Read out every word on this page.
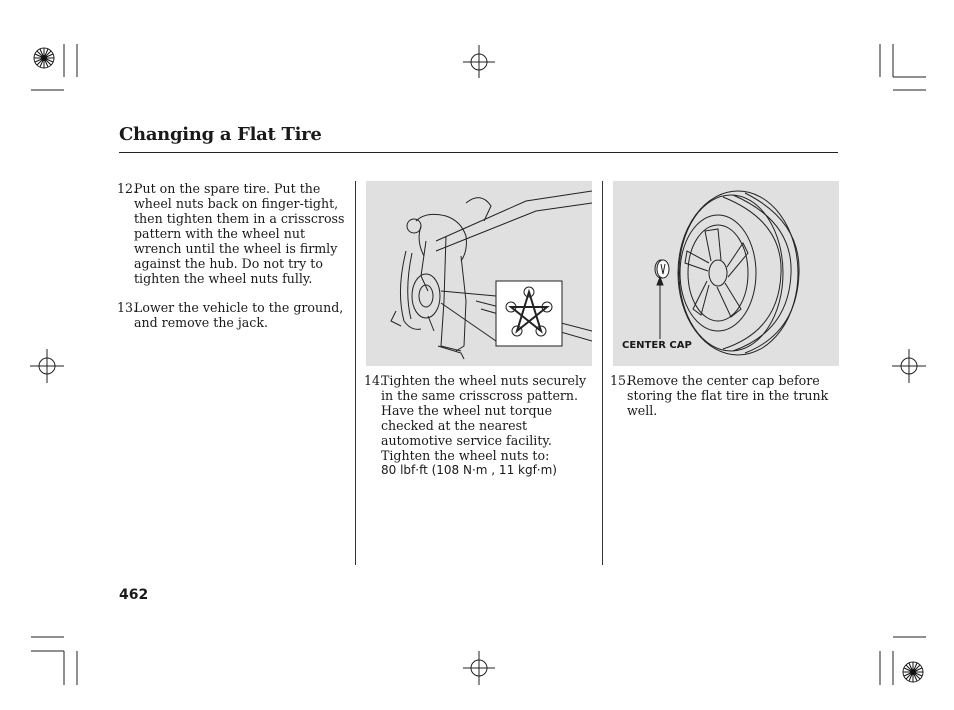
Changing a Flat Tire
12.
Put on the spare tire. Put the wheel nuts back on finger-tight, then tighten them in a crisscross pattern with the wheel nut wrench until the wheel is firmly against the hub. Do not try to tighten the wheel nuts fully.
13.
Lower the vehicle to the ground, and remove the jack.
14.
Tighten the wheel nuts securely in the same crisscross pattern. Have the wheel nut torque checked at the nearest automotive service facility.
Tighten the wheel nuts to:
80 lbf·ft (108 N·m , 11 kgf·m)
CENTER CAP
15.
Remove the center cap before storing the flat tire in the trunk well.
462
